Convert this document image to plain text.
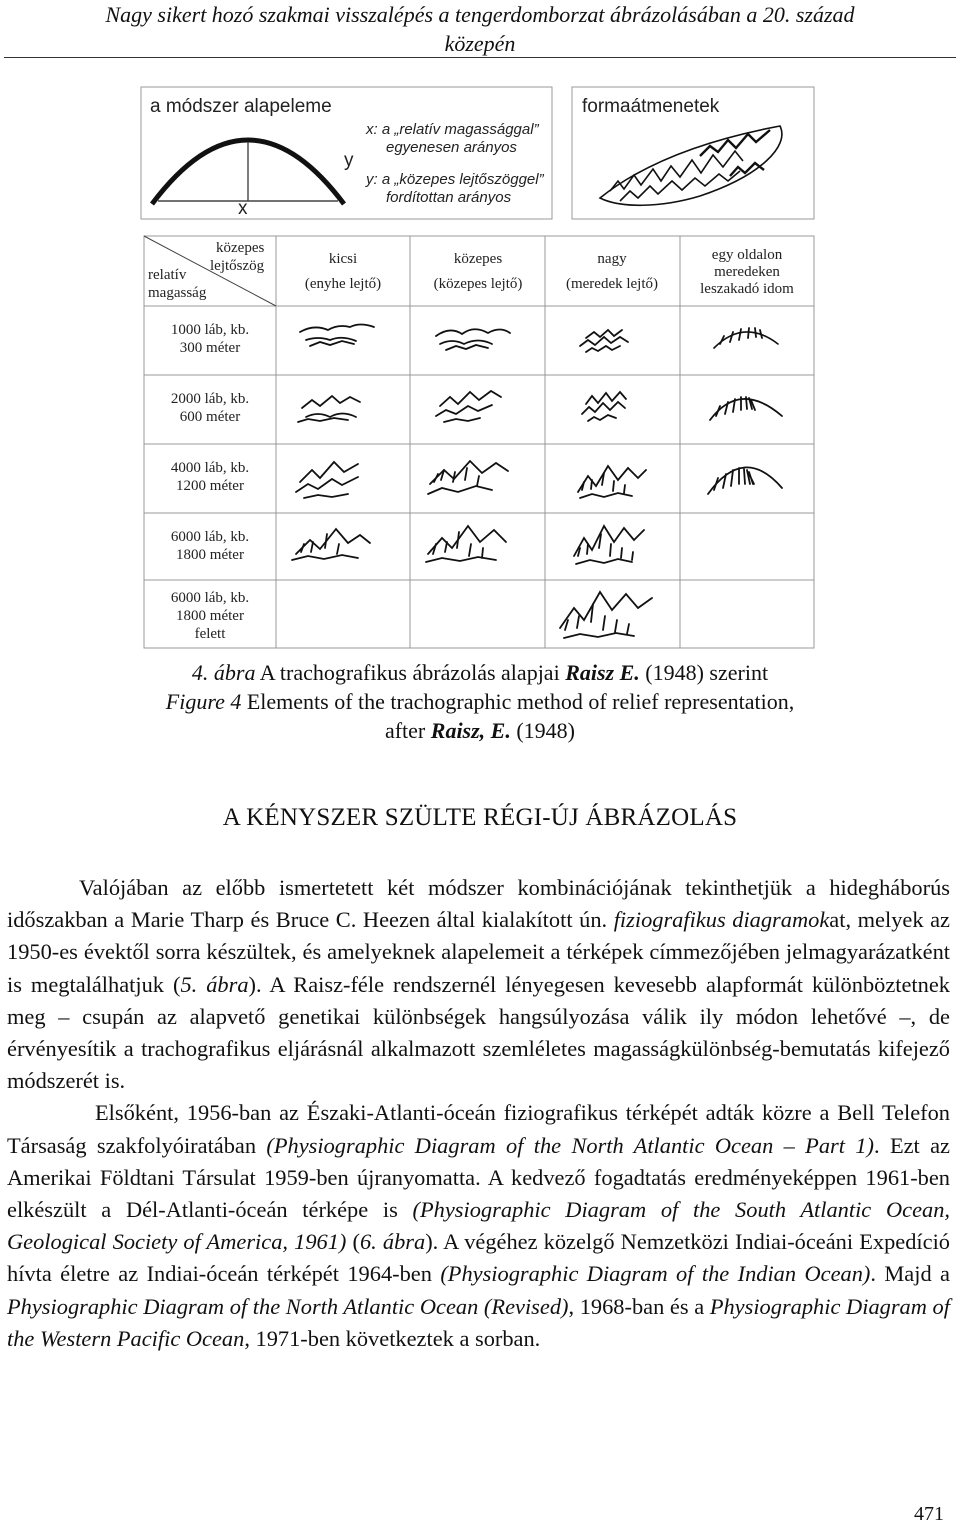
Nagy sikert hozó szakmai visszalépés a tengerdomborzat ábrázolásában a 20. század
közepén
a módszer alapeleme
y
x
x: a „relatív magassággal”
egyenesen arányos
y: a „közepes lejtőszöggel”
fordítottan arányos
formaátmenetek
közepes
lejtőszög
relatív
magasság
kicsi
(enyhe lejtő)
közepes
(közepes lejtő)
nagy
(meredek lejtő)
egy oldalon
meredeken
leszakadó idom
1000 láb, kb.
300 méter
2000 láb, kb.
600 méter
4000 láb, kb.
1200 méter
6000 láb, kb.
1800 méter
6000 láb, kb.
1800 méter
felett
4. ábra A trachografikus ábrázolás alapjai Raisz E. (1948) szerint
Figure 4 Elements of the trachographic method of relief representation,
after Raisz, E. (1948)
A KÉNYSZER SZÜLTE RÉGI-ÚJ ÁBRÁZOLÁS

Valójában az előbb ismertetett két módszer kombinációjának tekinthetjük a hidegháborús időszakban a Marie Tharp és Bruce C. Heezen által kialakított ún. fiziografikus diagramokat, melyek az 1950-es évektől sorra készültek, és amelyeknek alapelemeit a térképek címmezőjében jelmagyarázatként is megtalálhatjuk (5. ábra). A Raisz-féle rendszernél lényegesen kevesebb alapformát különböztetnek meg – csupán az alapvető genetikai különbségek hangsúlyozása válik ily módon lehetővé –, de érvényesítik a trachografikus eljárásnál alkalmazott szemléletes magasságkülönbség-bemutatás kifejező módszerét is.

Elsőként, 1956-ban az Északi-Atlanti-óceán fiziografikus térképét adták közre a Bell Telefon Társaság szakfolyóiratában (Physiographic Diagram of the North Atlantic Ocean – Part 1). Ezt az Amerikai Földtani Társulat 1959-ben újranyomatta. A kedvező fogadtatás eredményeképpen 1961-ben elkészült a Dél-Atlanti-óceán térképe is (Physiographic Diagram of the South Atlantic Ocean, Geological Society of America, 1961) (6. ábra). A végéhez közelgő Nemzetközi Indiai-óceáni Expedíció hívta életre az Indiai-óceán térképét 1964-ben (Physiographic Diagram of the Indian Ocean). Majd a Physiographic Diagram of the North Atlantic Ocean (Revised), 1968-ban és a Physiographic Diagram of the Western Pacific Ocean, 1971-ben következtek a sorban.

471
